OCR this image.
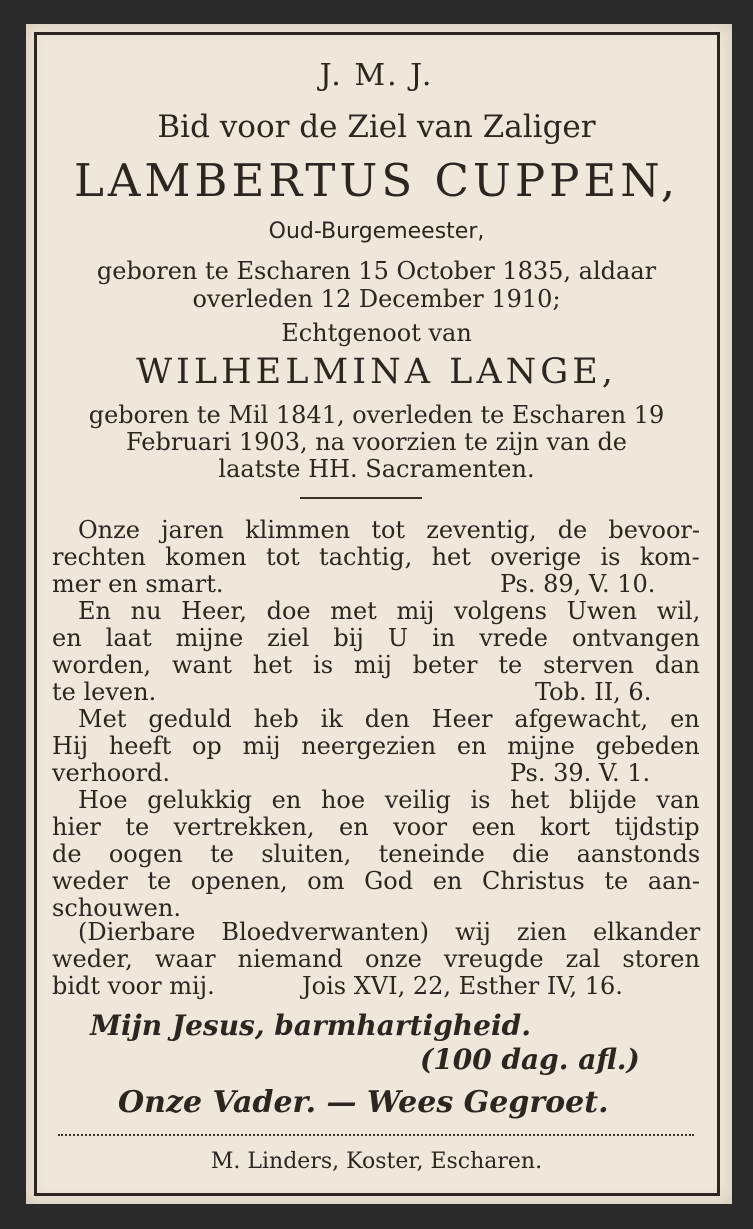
J. M. J.
Bid voor de Ziel van Zaliger
LAMBERTUS CUPPEN,
Oud-Burgemeester,
geboren te Escharen 15 October 1835, aldaar
overleden 12 December 1910;
Echtgenoot van
WILHELMINA LANGE,
geboren te Mil 1841, overleden te Escharen 19
Februari 1903, na voorzien te zijn van de
laatste HH. Sacramenten.
Onze jaren klimmen tot zeventig, de bevoor-
rechten komen tot tachtig, het overige is kom-
mer en smart.	Ps. 89, V. 10.
En nu Heer, doe met mij volgens Uwen wil,
en laat mijne ziel bij U in vrede ontvangen
worden, want het is mij beter te sterven dan
te leven.	Tob. II, 6.
Met geduld heb ik den Heer afgewacht, en
Hij heeft op mij neergezien en mijne gebeden
verhoord.	Ps. 39. V. 1.
Hoe gelukkig en hoe veilig is het blijde van
hier te vertrekken, en voor een kort tijdstip
de oogen te sluiten, teneinde die aanstonds
weder te openen, om God en Christus te aan-
schouwen.
(Dierbare Bloedverwanten) wij zien elkander
weder, waar niemand onze vreugde zal storen
bidt voor mij.	Jois XVI, 22, Esther IV, 16.
Mijn Jesus, barmhartigheid.
(100 dag. afl.)
Onze Vader. — Wees Gegroet.
M. Linders, Koster, Escharen.
